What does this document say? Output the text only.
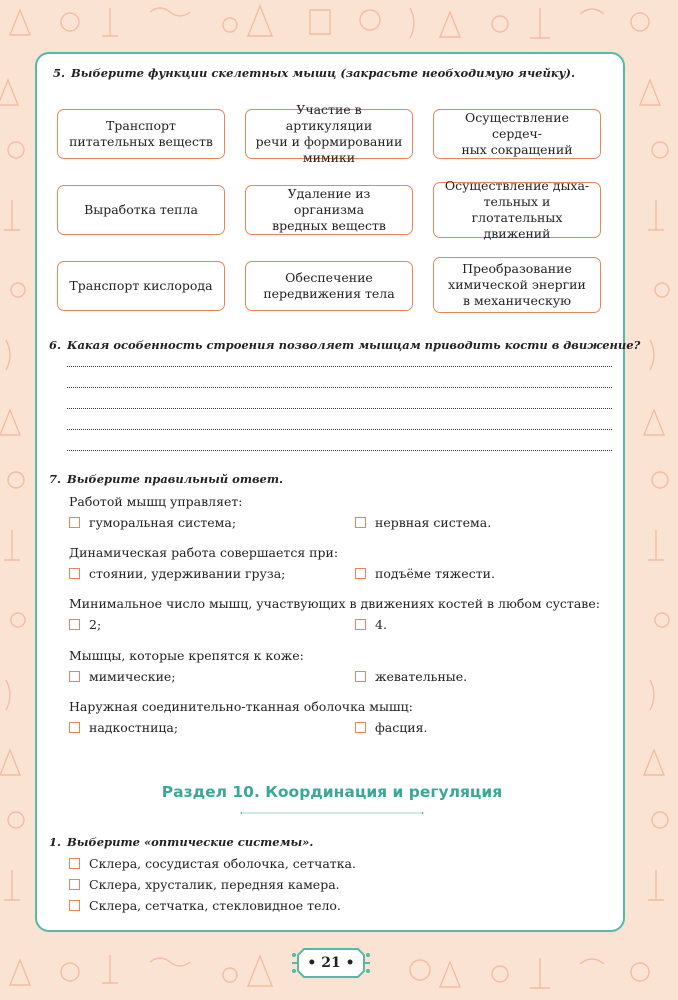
5. Выберите функции скелетных мышц (закрасьте необходимую ячейку).
Транспорт
питательных веществ
Участие в артикуляции
речи и формировании
мимики
Осуществление сердеч-
ных сокращений
Выработка тепла
Удаление из организма
вредных веществ
Осуществление дыха-
тельных и глотательных
движений
Транспорт кислорода
Обеспечение
передвижения тела
Преобразование
химической энергии
в механическую
6. Какая особенность строения позволяет мышцам приводить кости в движение?
7. Выберите правильный ответ.
Работой мышц управляет:
гуморальная система;	нервная система.
Динамическая работа совершается при:
стоянии, удерживании груза;	подъёме тяжести.
Минимальное число мышц, участвующих в движениях костей в любом суставе:
2;	4.
Мышцы, которые крепятся к коже:
мимические;	жевательные.
Наружная соединительно-тканная оболочка мышц:
надкостница;	фасция.
Раздел 10. Координация и регуляция
1. Выберите «оптические системы».
Склера, сосудистая оболочка, сетчатка.
Склера, хрусталик, передняя камера.
Склера, сетчатка, стекловидное тело.
• 21 •
